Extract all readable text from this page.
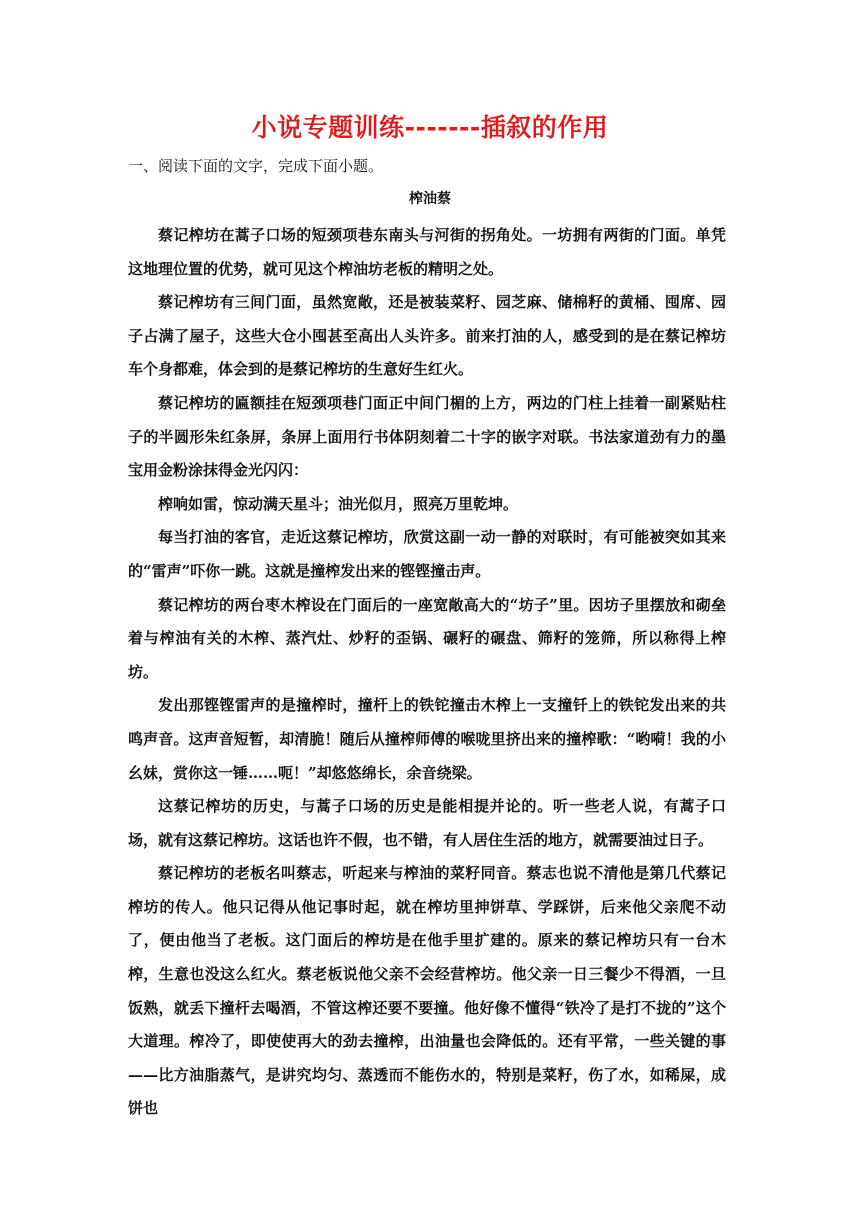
小说专题训练-------插叙的作用
一、阅读下面的文字，完成下面小题。
榨油蔡

蔡记榨坊在蒿子口场的短颈项巷东南头与河街的拐角处。一坊拥有两街的门面。单凭这地理位置的优势，就可见这个榨油坊老板的精明之处。

蔡记榨坊有三间门面，虽然宽敞，还是被装菜籽、园芝麻、储棉籽的黄桶、囤席、园子占满了屋子，这些大仓小囤甚至高出人头许多。前来打油的人，感受到的是在蔡记榨坊车个身都难，体会到的是蔡记榨坊的生意好生红火。

蔡记榨坊的匾额挂在短颈项巷门面正中间门楣的上方，两边的门柱上挂着一副紧贴柱子的半圆形朱红条屏，条屏上面用行书体阴刻着二十字的嵌字对联。书法家道劲有力的墨宝用金粉涂抹得金光闪闪：

榨响如雷，惊动满天星斗；油光似月，照亮万里乾坤。

每当打油的客官，走近这蔡记榨坊，欣赏这副一动一静的对联时，有可能被突如其来的“雷声”吓你一跳。这就是撞榨发出来的铿铿撞击声。

蔡记榨坊的两台枣木榨设在门面后的一座宽敞高大的“坊子”里。因坊子里摆放和砌垒着与榨油有关的木榨、蒸汽灶、炒籽的歪锅、碾籽的碾盘、筛籽的笼筛，所以称得上榨坊。

发出那铿铿雷声的是撞榨时，撞杆上的铁铊撞击木榨上一支撞钎上的铁铊发出来的共鸣声音。这声音短暂，却清脆！随后从撞榨师傅的喉咙里挤出来的撞榨歌：“哟嗬！我的小幺妹，赏你这一锤……呃！”却悠悠绵长，余音绕梁。

这蔡记榨坊的历史，与蒿子口场的历史是能相提并论的。听一些老人说，有蒿子口场，就有这蔡记榨坊。这话也许不假，也不错，有人居住生活的地方，就需要油过日子。

蔡记榨坊的老板名叫蔡志，听起来与榨油的菜籽同音。蔡志也说不清他是第几代蔡记榨坊的传人。他只记得从他记事时起，就在榨坊里抻饼草、学踩饼，后来他父亲爬不动了，便由他当了老板。这门面后的榨坊是在他手里扩建的。原来的蔡记榨坊只有一台木榨，生意也没这么红火。蔡老板说他父亲不会经营榨坊。他父亲一日三餐少不得酒，一旦饭熟，就丢下撞杆去喝酒，不管这榨还要不要撞。他好像不懂得“铁冷了是打不拢的”这个大道理。榨冷了，即使使再大的劲去撞榨，出油量也会降低的。还有平常，一些关键的事——比方油脂蒸气，是讲究均匀、蒸透而不能伤水的，特别是菜籽，伤了水，如稀屎，成饼也
